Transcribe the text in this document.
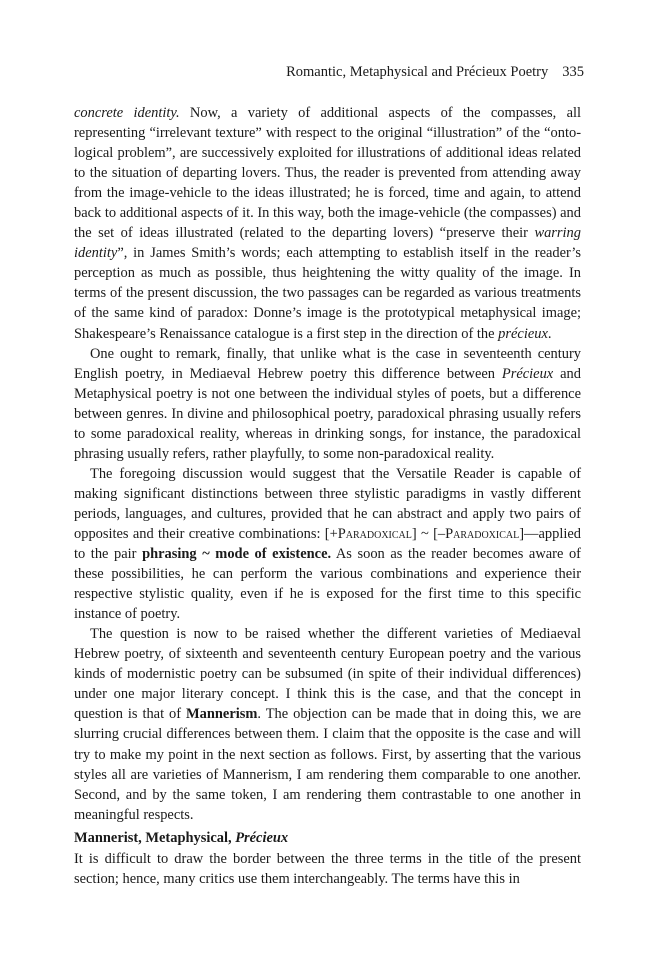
Romantic, Metaphysical and Précieux Poetry 335

concrete identity. Now, a variety of additional aspects of the compasses, all representing “irrelevant texture” with respect to the original “illustration” of the “onto-logical problem”, are successively exploited for illustrations of additional ideas related to the situation of departing lovers. Thus, the reader is prevented from attending away from the image-vehicle to the ideas illustrated; he is forced, time and again, to attend back to additional aspects of it. In this way, both the image-vehicle (the compasses) and the set of ideas illustrated (related to the departing lovers) “preserve their warring identity”, in James Smith’s words; each attempting to establish itself in the reader’s perception as much as possible, thus heightening the witty quality of the image. In terms of the present discussion, the two passages can be regarded as various treatments of the same kind of paradox: Donne’s image is the prototypical metaphysical image; Shakespeare’s Renaissance catalogue is a first step in the direction of the précieux.

One ought to remark, finally, that unlike what is the case in seventeenth century English poetry, in Mediaeval Hebrew poetry this difference between Précieux and Metaphysical poetry is not one between the individual styles of poets, but a difference between genres. In divine and philosophical poetry, paradoxical phrasing usually refers to some paradoxical reality, whereas in drinking songs, for instance, the paradoxical phrasing usually refers, rather playfully, to some non-paradoxical reality.

The foregoing discussion would suggest that the Versatile Reader is capable of making significant distinctions between three stylistic paradigms in vastly different periods, languages, and cultures, provided that he can abstract and apply two pairs of opposites and their creative combinations: [+Paradoxical] ~ [–Paradoxical]—applied to the pair phrasing ~ mode of existence. As soon as the reader becomes aware of these possibilities, he can perform the various combinations and experience their respective stylistic quality, even if he is exposed for the first time to this specific instance of poetry.

The question is now to be raised whether the different varieties of Mediaeval Hebrew poetry, of sixteenth and seventeenth century European poetry and the various kinds of modernistic poetry can be subsumed (in spite of their individual differences) under one major literary concept. I think this is the case, and that the concept in question is that of Mannerism. The objection can be made that in doing this, we are slurring crucial differences between them. I claim that the opposite is the case and will try to make my point in the next section as follows. First, by asserting that the various styles all are varieties of Mannerism, I am rendering them comparable to one another. Second, and by the same token, I am rendering them contrastable to one another in meaningful respects.

Mannerist, Metaphysical, Précieux

It is difficult to draw the border between the three terms in the title of the present section; hence, many critics use them interchangeably. The terms have this in
